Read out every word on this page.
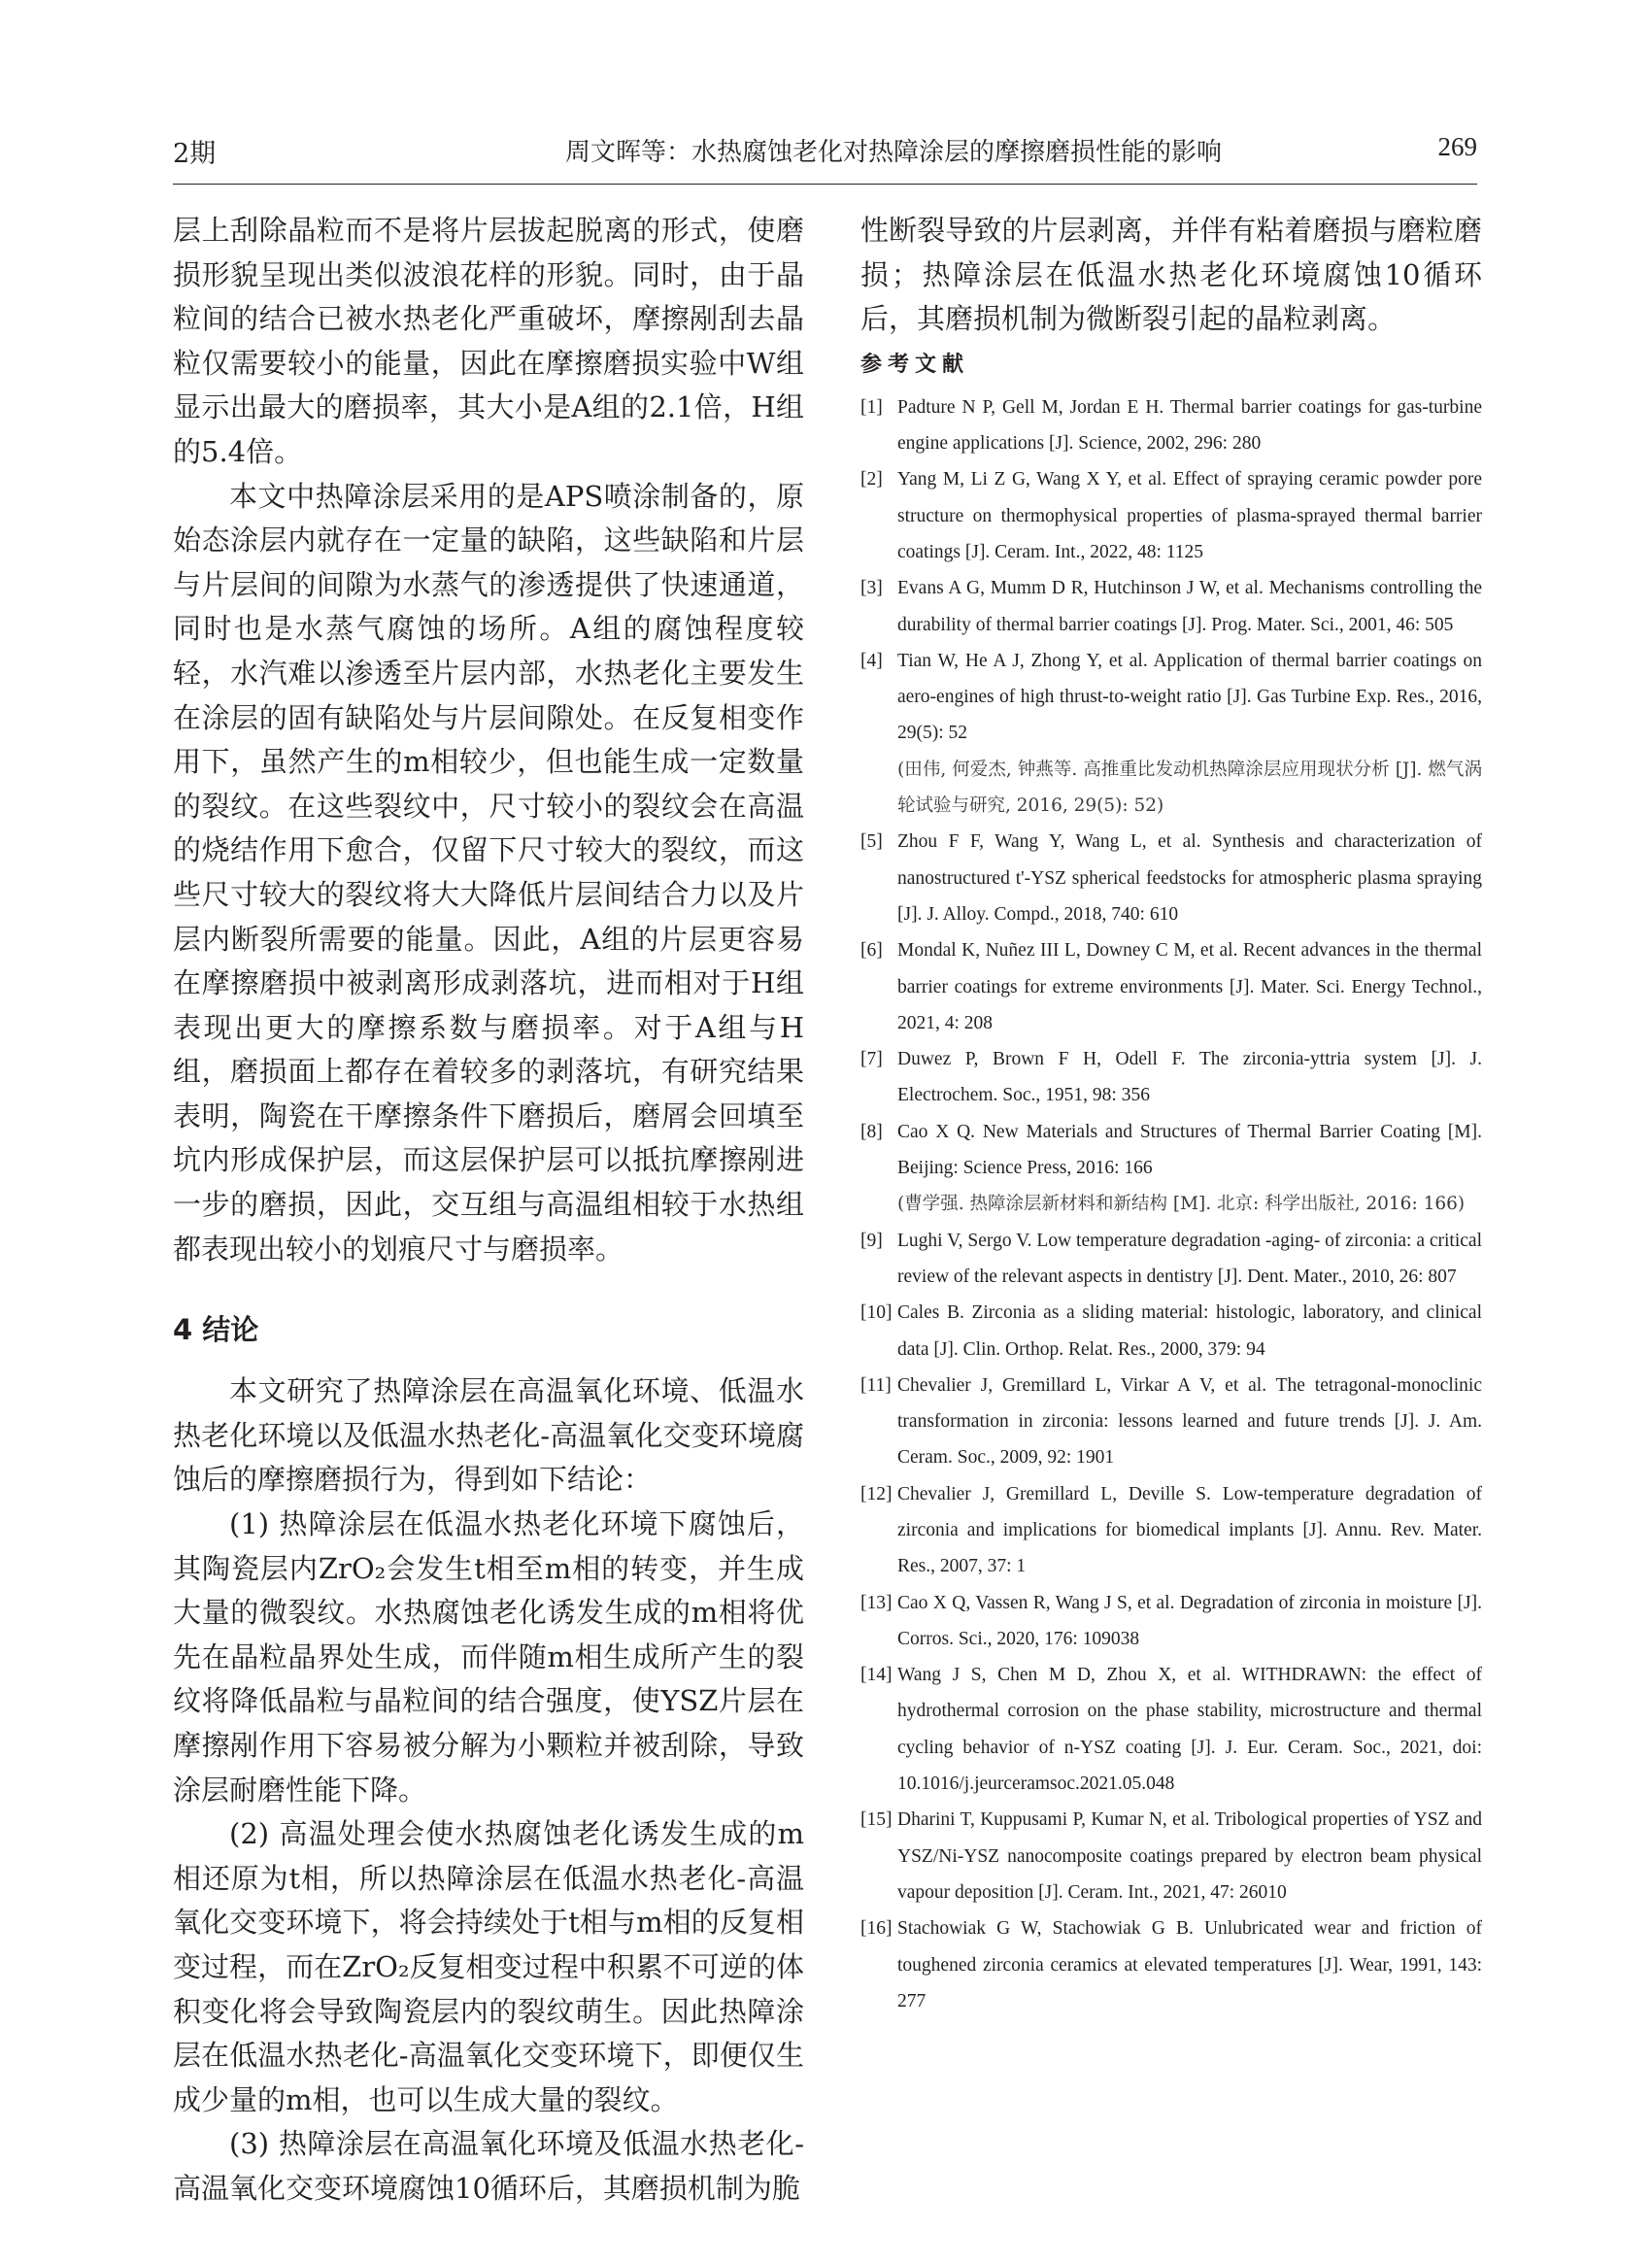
2期	周文晖等：水热腐蚀老化对热障涂层的摩擦磨损性能的影响	269

层上刮除晶粒而不是将片层拔起脱离的形式，使磨损形貌呈现出类似波浪花样的形貌。同时，由于晶粒间的结合已被水热老化严重破坏，摩擦剐刮去晶粒仅需要较小的能量，因此在摩擦磨损实验中W组显示出最大的磨损率，其大小是A组的2.1倍，H组的5.4倍。

本文中热障涂层采用的是APS喷涂制备的，原始态涂层内就存在一定量的缺陷，这些缺陷和片层与片层间的间隙为水蒸气的渗透提供了快速通道，同时也是水蒸气腐蚀的场所。A组的腐蚀程度较轻，水汽难以渗透至片层内部，水热老化主要发生在涂层的固有缺陷处与片层间隙处。在反复相变作用下，虽然产生的m相较少，但也能生成一定数量的裂纹。在这些裂纹中，尺寸较小的裂纹会在高温的烧结作用下愈合，仅留下尺寸较大的裂纹，而这些尺寸较大的裂纹将大大降低片层间结合力以及片层内断裂所需要的能量。因此，A组的片层更容易在摩擦磨损中被剥离形成剥落坑，进而相对于H组表现出更大的摩擦系数与磨损率。对于A组与H组，磨损面上都存在着较多的剥落坑，有研究结果表明，陶瓷在干摩擦条件下磨损后，磨屑会回填至坑内形成保护层，而这层保护层可以抵抗摩擦剐进一步的磨损，因此，交互组与高温组相较于水热组都表现出较小的划痕尺寸与磨损率。

4 结论

本文研究了热障涂层在高温氧化环境、低温水热老化环境以及低温水热老化-高温氧化交变环境腐蚀后的摩擦磨损行为，得到如下结论：

(1) 热障涂层在低温水热老化环境下腐蚀后，其陶瓷层内ZrO₂会发生t相至m相的转变，并生成大量的微裂纹。水热腐蚀老化诱发生成的m相将优先在晶粒晶界处生成，而伴随m相生成所产生的裂纹将降低晶粒与晶粒间的结合强度，使YSZ片层在摩擦剐作用下容易被分解为小颗粒并被刮除，导致涂层耐磨性能下降。

(2) 高温处理会使水热腐蚀老化诱发生成的m相还原为t相，所以热障涂层在低温水热老化-高温氧化交变环境下，将会持续处于t相与m相的反复相变过程，而在ZrO₂反复相变过程中积累不可逆的体积变化将会导致陶瓷层内的裂纹萌生。因此热障涂层在低温水热老化-高温氧化交变环境下，即便仅生成少量的m相，也可以生成大量的裂纹。

(3) 热障涂层在高温氧化环境及低温水热老化-高温氧化交变环境腐蚀10循环后，其磨损机制为脆

性断裂导致的片层剥离，并伴有粘着磨损与磨粒磨损；热障涂层在低温水热老化环境腐蚀10循环后，其磨损机制为微断裂引起的晶粒剥离。

参考文献
[1] Padture N P, Gell M, Jordan E H. Thermal barrier coatings for gas-turbine engine applications [J]. Science, 2002, 296: 280
[2] Yang M, Li Z G, Wang X Y, et al. Effect of spraying ceramic powder pore structure on thermophysical properties of plasma-sprayed thermal barrier coatings [J]. Ceram. Int., 2022, 48: 1125
[3] Evans A G, Mumm D R, Hutchinson J W, et al. Mechanisms controlling the durability of thermal barrier coatings [J]. Prog. Mater. Sci., 2001, 46: 505
[4] Tian W, He A J, Zhong Y, et al. Application of thermal barrier coatings on aero-engines of high thrust-to-weight ratio [J]. Gas Turbine Exp. Res., 2016, 29(5): 52
(田伟, 何爱杰, 钟燕等. 高推重比发动机热障涂层应用现状分析 [J]. 燃气涡轮试验与研究, 2016, 29(5): 52)
[5] Zhou F F, Wang Y, Wang L, et al. Synthesis and characterization of nanostructured t'-YSZ spherical feedstocks for atmospheric plasma spraying [J]. J. Alloy. Compd., 2018, 740: 610
[6] Mondal K, Nuñez III L, Downey C M, et al. Recent advances in the thermal barrier coatings for extreme environments [J]. Mater. Sci. Energy Technol., 2021, 4: 208
[7] Duwez P, Brown F H, Odell F. The zirconia-yttria system [J]. J. Electrochem. Soc., 1951, 98: 356
[8] Cao X Q. New Materials and Structures of Thermal Barrier Coating [M]. Beijing: Science Press, 2016: 166
(曹学强. 热障涂层新材料和新结构 [M]. 北京: 科学出版社, 2016: 166)
[9] Lughi V, Sergo V. Low temperature degradation -aging- of zirconia: a critical review of the relevant aspects in dentistry [J]. Dent. Mater., 2010, 26: 807
[10] Cales B. Zirconia as a sliding material: histologic, laboratory, and clinical data [J]. Clin. Orthop. Relat. Res., 2000, 379: 94
[11] Chevalier J, Gremillard L, Virkar A V, et al. The tetragonal-monoclinic transformation in zirconia: lessons learned and future trends [J]. J. Am. Ceram. Soc., 2009, 92: 1901
[12] Chevalier J, Gremillard L, Deville S. Low-temperature degradation of zirconia and implications for biomedical implants [J]. Annu. Rev. Mater. Res., 2007, 37: 1
[13] Cao X Q, Vassen R, Wang J S, et al. Degradation of zirconia in moisture [J]. Corros. Sci., 2020, 176: 109038
[14] Wang J S, Chen M D, Zhou X, et al. WITHDRAWN: the effect of hydrothermal corrosion on the phase stability, microstructure and thermal cycling behavior of n-YSZ coating [J]. J. Eur. Ceram. Soc., 2021, doi: 10.1016/j.jeurceramsoc.2021.05.048
[15] Dharini T, Kuppusami P, Kumar N, et al. Tribological properties of YSZ and YSZ/Ni-YSZ nanocomposite coatings prepared by electron beam physical vapour deposition [J]. Ceram. Int., 2021, 47: 26010
[16] Stachowiak G W, Stachowiak G B. Unlubricated wear and friction of toughened zirconia ceramics at elevated temperatures [J]. Wear, 1991, 143: 277
